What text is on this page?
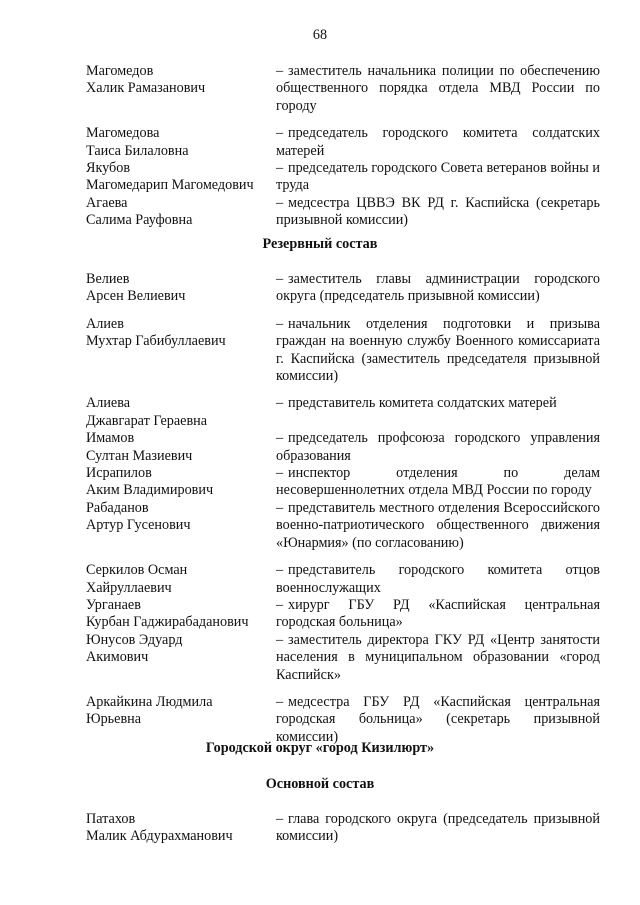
68
Магомедов
Халик Рамазанович
– заместитель начальника полиции по обеспечению общественного порядка отдела МВД России по городу
Магомедова
Таиса Билаловна
– председатель городского комитета солдатских матерей
Якубов
Магомедарип Магомедович
– председатель городского Совета ветеранов войны и труда
Агаева
Салима Рауфовна
– медсестра ЦВВЭ ВК РД г. Каспийска (секретарь призывной комиссии)
Резервный состав
Велиев
Арсен Велиевич
– заместитель главы администрации городского округа (председатель призывной комиссии)
Алиев
Мухтар Габибуллаевич
– начальник отделения подготовки и призыва граждан на военную службу Военного комиссариата г. Каспийска (заместитель председателя призывной комиссии)
Алиева
Джавгарат Гераевна
– представитель комитета солдатских матерей
Имамов
Султан Мазиевич
– председатель профсоюза городского управления образования
Исрапилов
Аким Владимирович
– инспектор отделения по делам несовершеннолетних отдела МВД России по городу
Рабаданов
Артур Гусенович
– представитель местного отделения Всероссийского военно-патриотического общественного движения «Юнармия» (по согласованию)
Серкилов Осман
Хайруллаевич
– представитель городского комитета отцов военнослужащих
Урганаев
Курбан Гаджирабаданович
– хирург ГБУ РД «Каспийская центральная городская больница»
Юнусов Эдуард
Акимович
– заместитель директора ГКУ РД «Центр занятости населения в муниципальном образовании «город Каспийск»
Аркайкина Людмила
Юрьевна
– медсестра ГБУ РД «Каспийская центральная городская больница» (секретарь призывной комиссии)
Городской округ «город Кизилюрт»
Основной состав
Патахов
Малик Абдурахманович
– глава городского округа (председатель призывной комиссии)
